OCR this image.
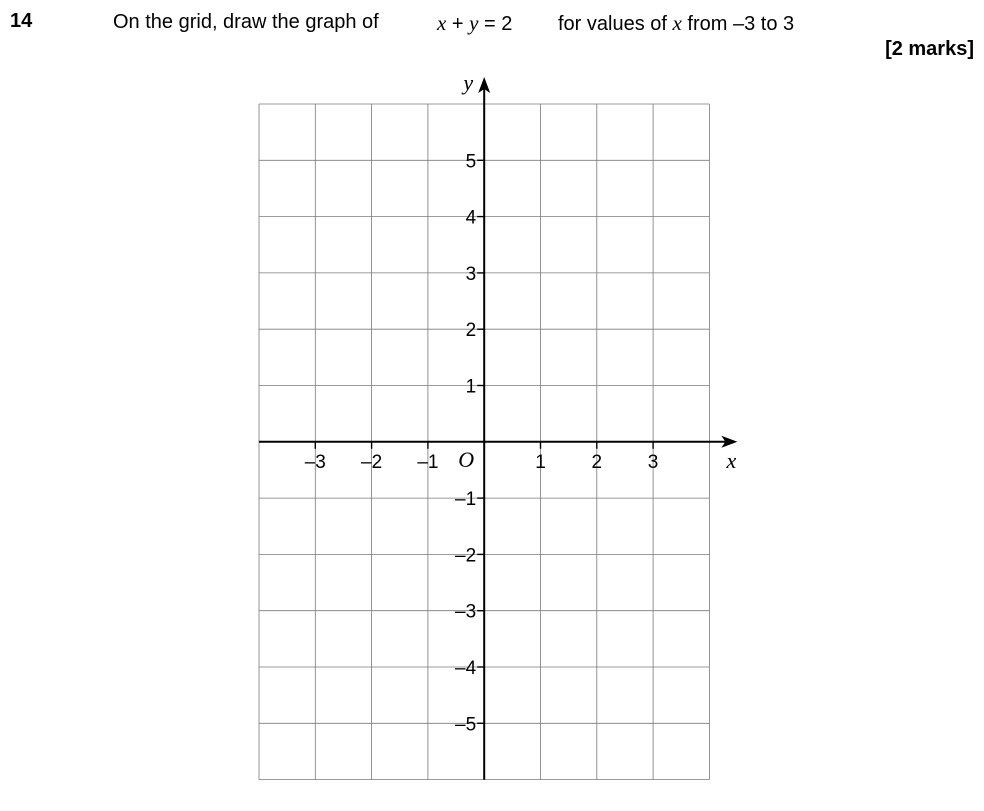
14	On the grid, draw the graph of	x + y = 2 for values of x from –3 to 3
[2 marks]
–3 –2 –1	1 2 3
5
4
3
2
1
–1
–2
–3
–4
–5
O	x
y
